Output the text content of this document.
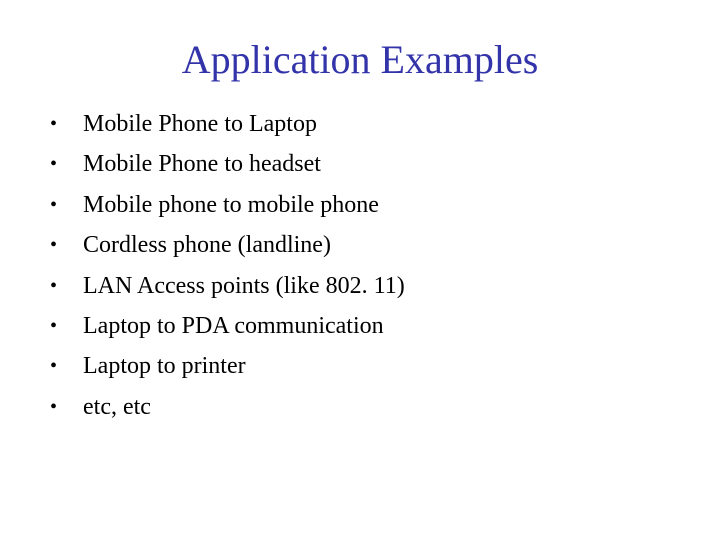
Application Examples
• Mobile Phone to Laptop
• Mobile Phone to headset
• Mobile phone to mobile phone
• Cordless phone (landline)
• LAN Access points (like 802. 11)
• Laptop to PDA communication
• Laptop to printer
• etc, etc
